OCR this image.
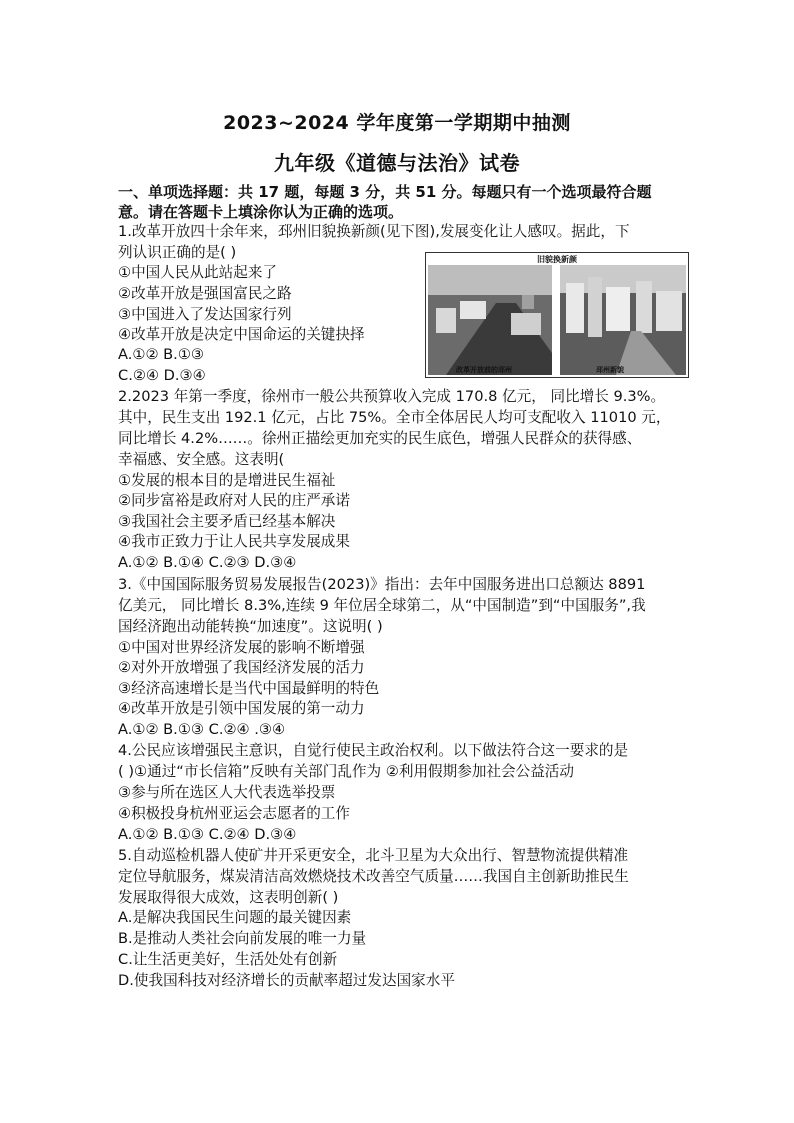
2023~2024 学年度第一学期期中抽测
九年级《道德与法治》试卷
一、单项选择题：共 17 题，每题 3 分，共 51 分。每题只有一个选项最符合题
意。请在答题卡上填涂你认为正确的选项。
1.改革开放四十余年来，邳州旧貌换新颜(见下图),发展变化让人感叹。据此，下
列认识正确的是( )
①中国人民从此站起来了
②改革开放是强国富民之路
③中国进入了发达国家行列
④改革开放是决定中国命运的关键抉择
A.①② B.①③
C.②④ D.③④
旧貌换新颜
改革开放前的邳州	邳州新貌
2.2023 年第一季度，徐州市一般公共预算收入完成 170.8 亿元， 同比增长 9.3%。
其中，民生支出 192.1 亿元，占比 75%。全市全体居民人均可支配收入 11010 元，
同比增长 4.2%……。徐州正描绘更加充实的民生底色，增强人民群众的获得感、
幸福感、安全感。这表明(
①发展的根本目的是增进民生福祉
②同步富裕是政府对人民的庄严承诺
③我国社会主要矛盾已经基本解决
④我市正致力于让人民共享发展成果
A.①② B.①④ C.②③ D.③④
3.《中国国际服务贸易发展报告(2023)》指出：去年中国服务进出口总额达 8891
亿美元， 同比增长 8.3%,连续 9 年位居全球第二，从“中国制造”到“中国服务”,我
国经济跑出动能转换“加速度”。这说明( )
①中国对世界经济发展的影响不断增强
②对外开放增强了我国经济发展的活力
③经济高速增长是当代中国最鲜明的特色
④改革开放是引领中国发展的第一动力
A.①② B.①③ C.②④ .③④
4.公民应该增强民主意识，自觉行使民主政治权利。以下做法符合这一要求的是
( )①通过“市长信箱”反映有关部门乱作为 ②利用假期参加社会公益活动
③参与所在选区人大代表选举投票
④积极投身杭州亚运会志愿者的工作
A.①② B.①③ C.②④ D.③④
5.自动巡检机器人使矿井开采更安全，北斗卫星为大众出行、智慧物流提供精准
定位导航服务，煤炭清洁高效燃烧技术改善空气质量……我国自主创新助推民生
发展取得很大成效，这表明创新( )
A.是解决我国民生问题的最关键因素
B.是推动人类社会向前发展的唯一力量
C.让生活更美好，生活处处有创新
D.使我国科技对经济增长的贡献率超过发达国家水平
